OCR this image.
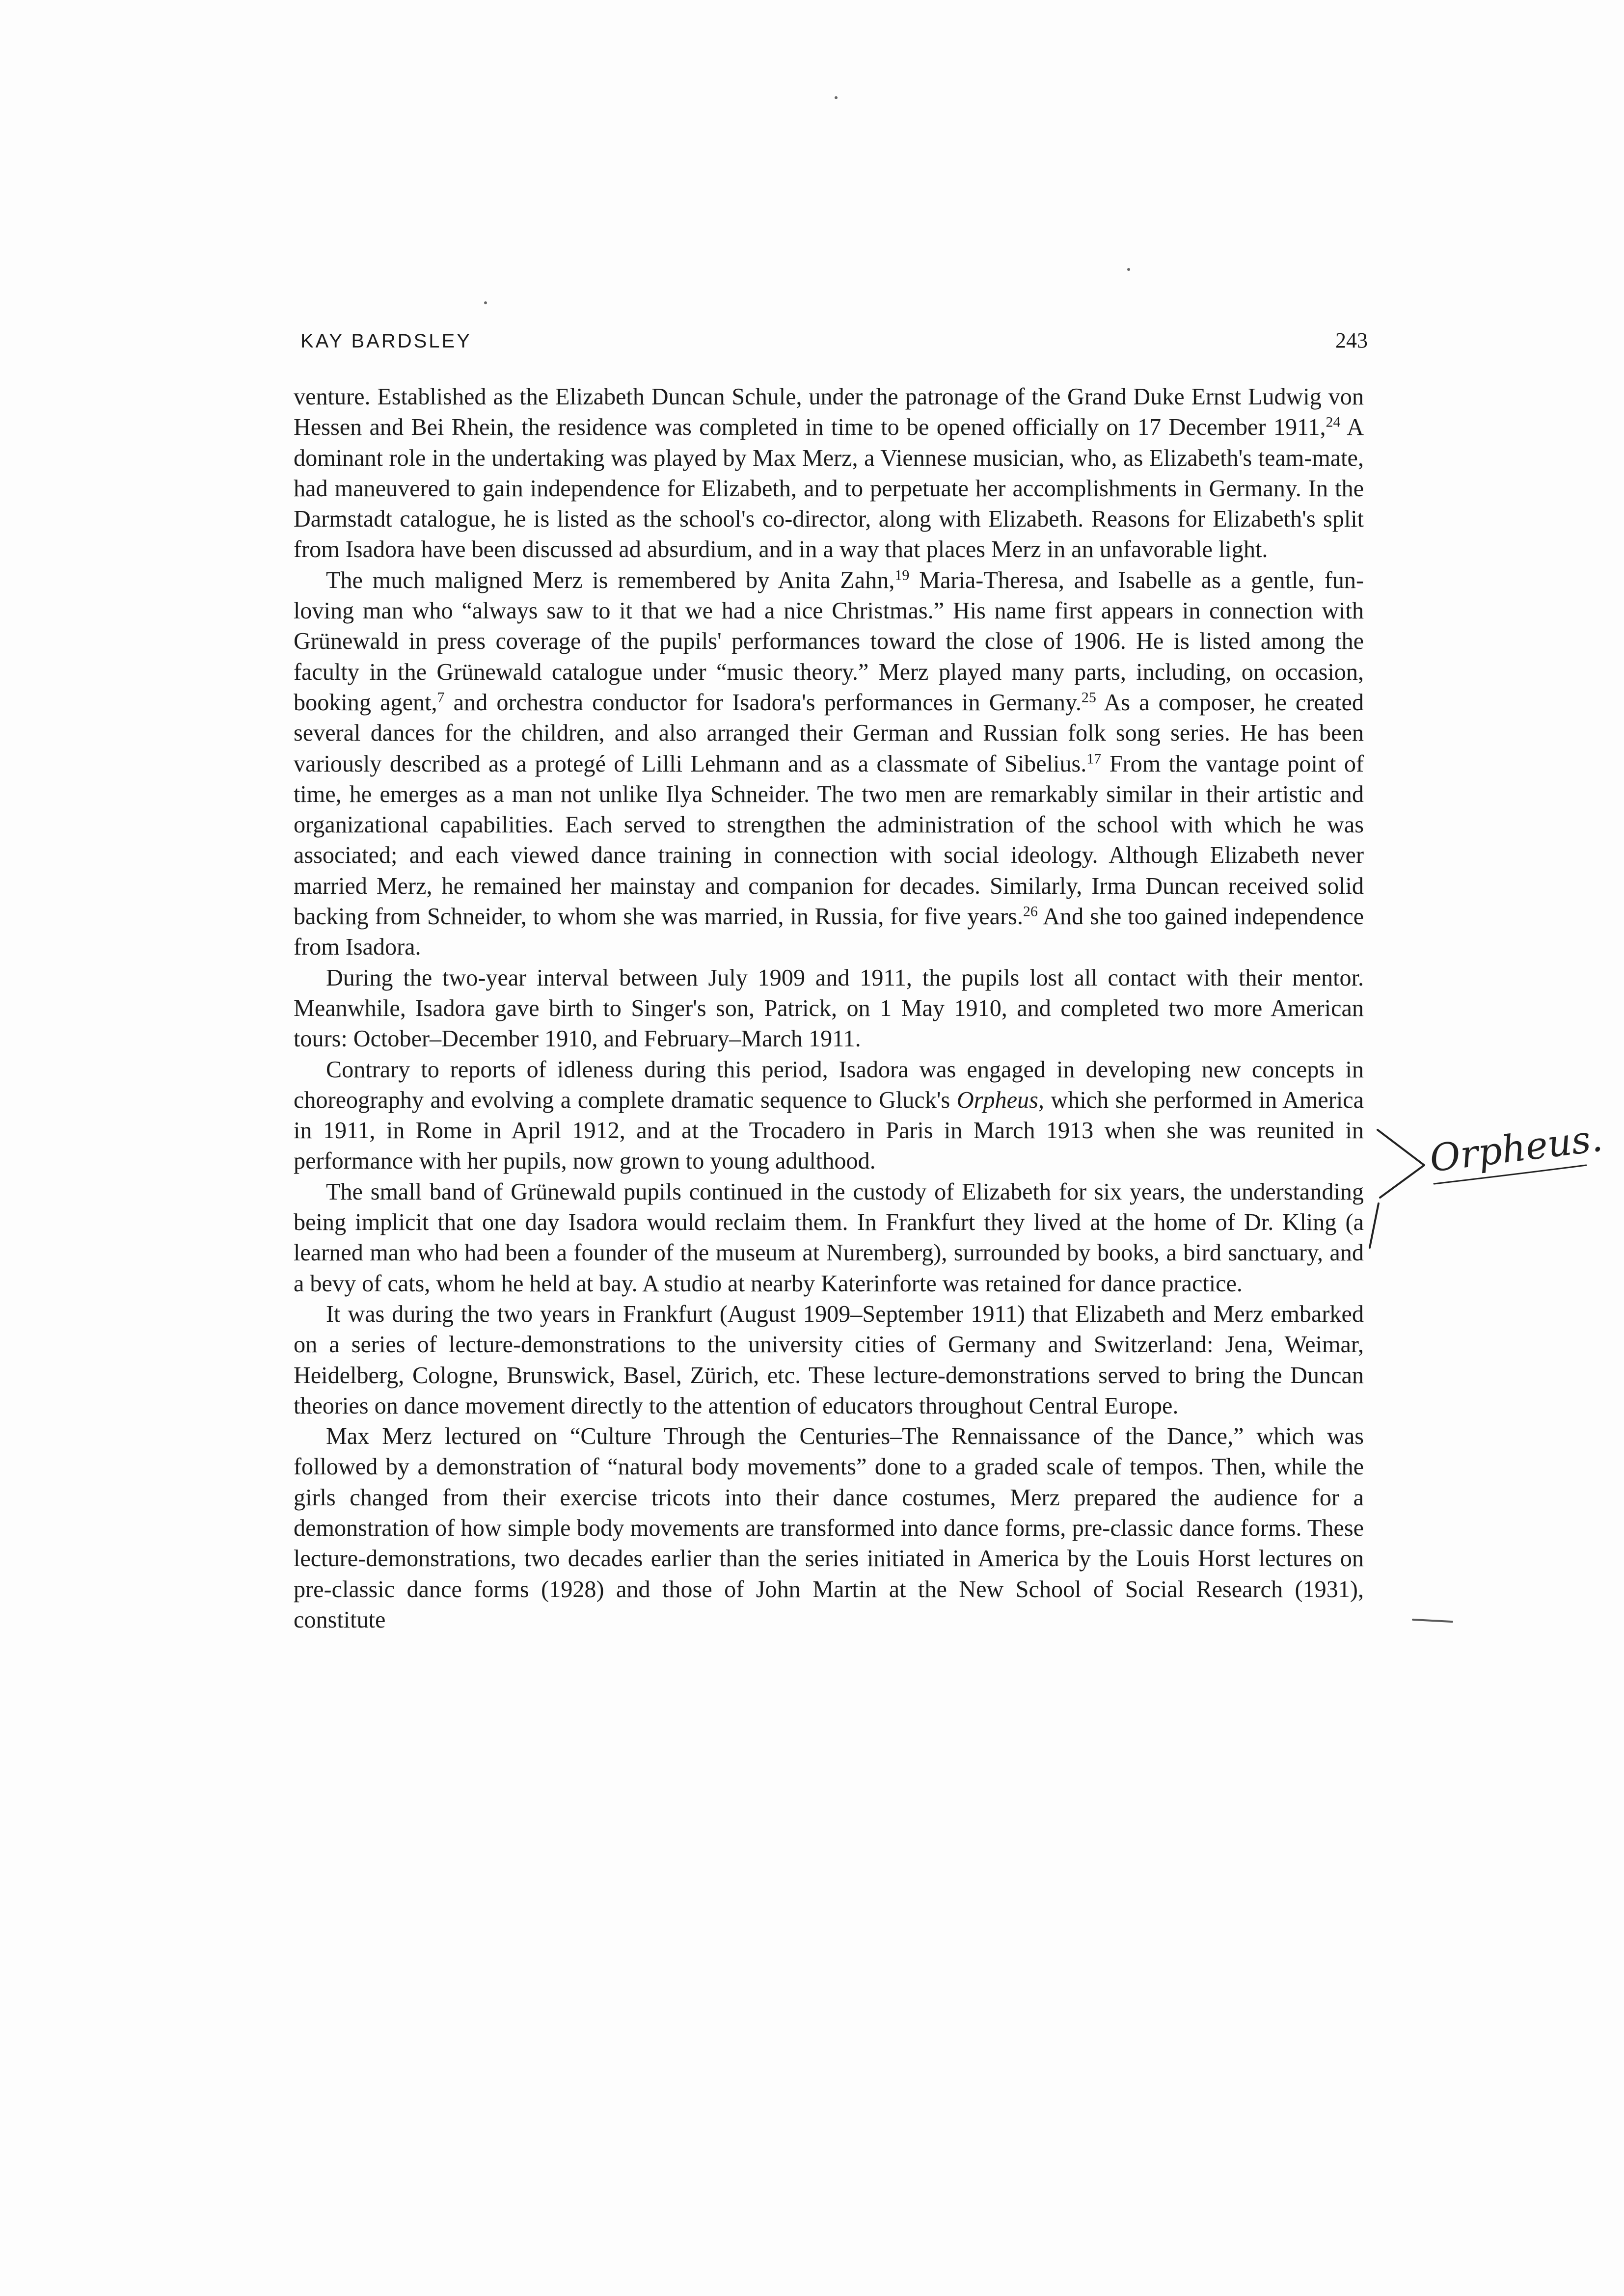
KAY BARDSLEY	243

venture. Established as the Elizabeth Duncan Schule, under the patronage of the Grand Duke Ernst Ludwig von Hessen and Bei Rhein, the residence was completed in time to be opened officially on 17 December 1911,24 A dominant role in the undertaking was played by Max Merz, a Viennese musician, who, as Elizabeth's team-mate, had maneuvered to gain independence for Elizabeth, and to perpetuate her accomplishments in Germany. In the Darmstadt catalogue, he is listed as the school's co-director, along with Elizabeth. Reasons for Elizabeth's split from Isadora have been discussed ad absurdium, and in a way that places Merz in an unfavorable light.

The much maligned Merz is remembered by Anita Zahn,$^{19}$ Maria-Theresa, and Isabelle as a gentle, fun-loving man who “always saw to it that we had a nice Christmas.” His name first appears in connection with Grünewald in press coverage of the pupils' performances toward the close of 1906. He is listed among the faculty in the Grünewald catalogue under “music theory.” Merz played many parts, including, on occasion, booking agent,$^7$ and orchestra conductor for Isadora's performances in Germany.$^{25}$ As a composer, he created several dances for the children, and also arranged their German and Russian folk song series. He has been variously described as a protegé of Lilli Lehmann and as a classmate of Sibelius.$^{17}$ From the vantage point of time, he emerges as a man not unlike Ilya Schneider. The two men are remarkably similar in their artistic and organizational capabilities. Each served to strengthen the administration of the school with which he was associated; and each viewed dance training in connection with social ideology. Although Elizabeth never married Merz, he remained her mainstay and companion for decades. Similarly, Irma Duncan received solid backing from Schneider, to whom she was married, in Russia, for five years.$^{26}$ And she too gained independence from Isadora.

During the two-year interval between July 1909 and 1911, the pupils lost all contact with their mentor. Meanwhile, Isadora gave birth to Singer's son, Patrick, on 1 May 1910, and completed two more American tours: October–December 1910, and February–March 1911.

Contrary to reports of idleness during this period, Isadora was engaged in developing new concepts in choreography and evolving a complete dramatic sequence to Gluck's Orpheus, which she performed in America in 1911, in Rome in April 1912, and at the Trocadero in Paris in March 1913 when she was reunited in performance with her pupils, now grown to young adulthood.

The small band of Grünewald pupils continued in the custody of Elizabeth for six years, the understanding being implicit that one day Isadora would reclaim them. In Frankfurt they lived at the home of Dr. Kling (a learned man who had been a founder of the museum at Nuremberg), surrounded by books, a bird sanctuary, and a bevy of cats, whom he held at bay. A studio at nearby Katerinforte was retained for dance practice.

It was during the two years in Frankfurt (August 1909–September 1911) that Elizabeth and Merz embarked on a series of lecture-demonstrations to the university cities of Germany and Switzerland: Jena, Weimar, Heidelberg, Cologne, Brunswick, Basel, Zürich, etc. These lecture-demonstrations served to bring the Duncan theories on dance movement directly to the attention of educators throughout Central Europe.

Max Merz lectured on “Culture Through the Centuries–The Rennaissance of the Dance,” which was followed by a demonstration of “natural body movements” done to a graded scale of tempos. Then, while the girls changed from their exercise tricots into their dance costumes, Merz prepared the audience for a demonstration of how simple body movements are transformed into dance forms, pre-classic dance forms. These lecture-demonstrations, two decades earlier than the series initiated in America by the Louis Horst lectures on pre-classic dance forms (1928) and those of John Martin at the New School of Social Research (1931), constitute

Orpheus.
